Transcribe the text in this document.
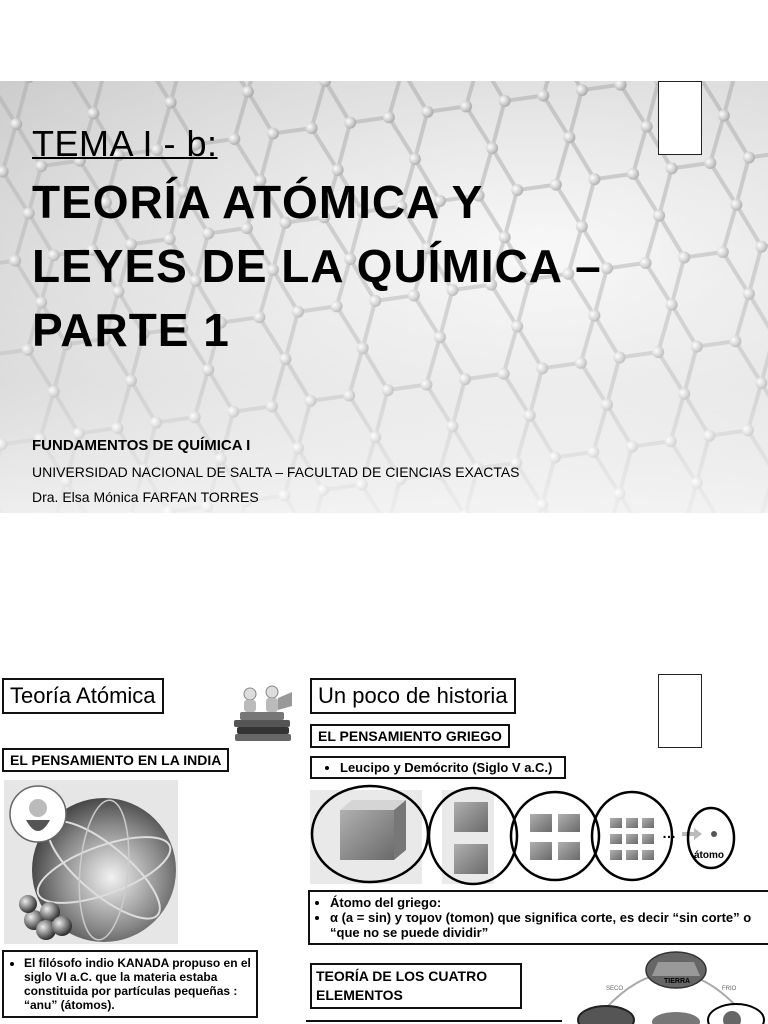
TEMA I - b:
TEORÍA ATÓMICA Y
LEYES DE LA QUÍMICA –
PARTE 1
FUNDAMENTOS DE QUÍMICA I
UNIVERSIDAD NACIONAL DE SALTA – FACULTAD DE CIENCIAS EXACTAS
Dra. Elsa Mónica FARFAN TORRES
Teoría Atómica
EL PENSAMIENTO EN LA INDIA
• El filósofo indio KANADA propuso en el siglo VI a.C. que la materia estaba constituida por partículas pequeñas : “anu” (átomos).
Un poco de historia
EL PENSAMIENTO GRIEGO
• Leucipo y Demócrito (Siglo V a.C.)
…
átomo
• Átomo del griego:
• α (a = sin) y τομον (tomon) que significa corte, es decir “sin corte” o “que no se puede dividir”
TEORÍA DE LOS CUATRO ELEMENTOS
TIERRA
SECO	FRIO
